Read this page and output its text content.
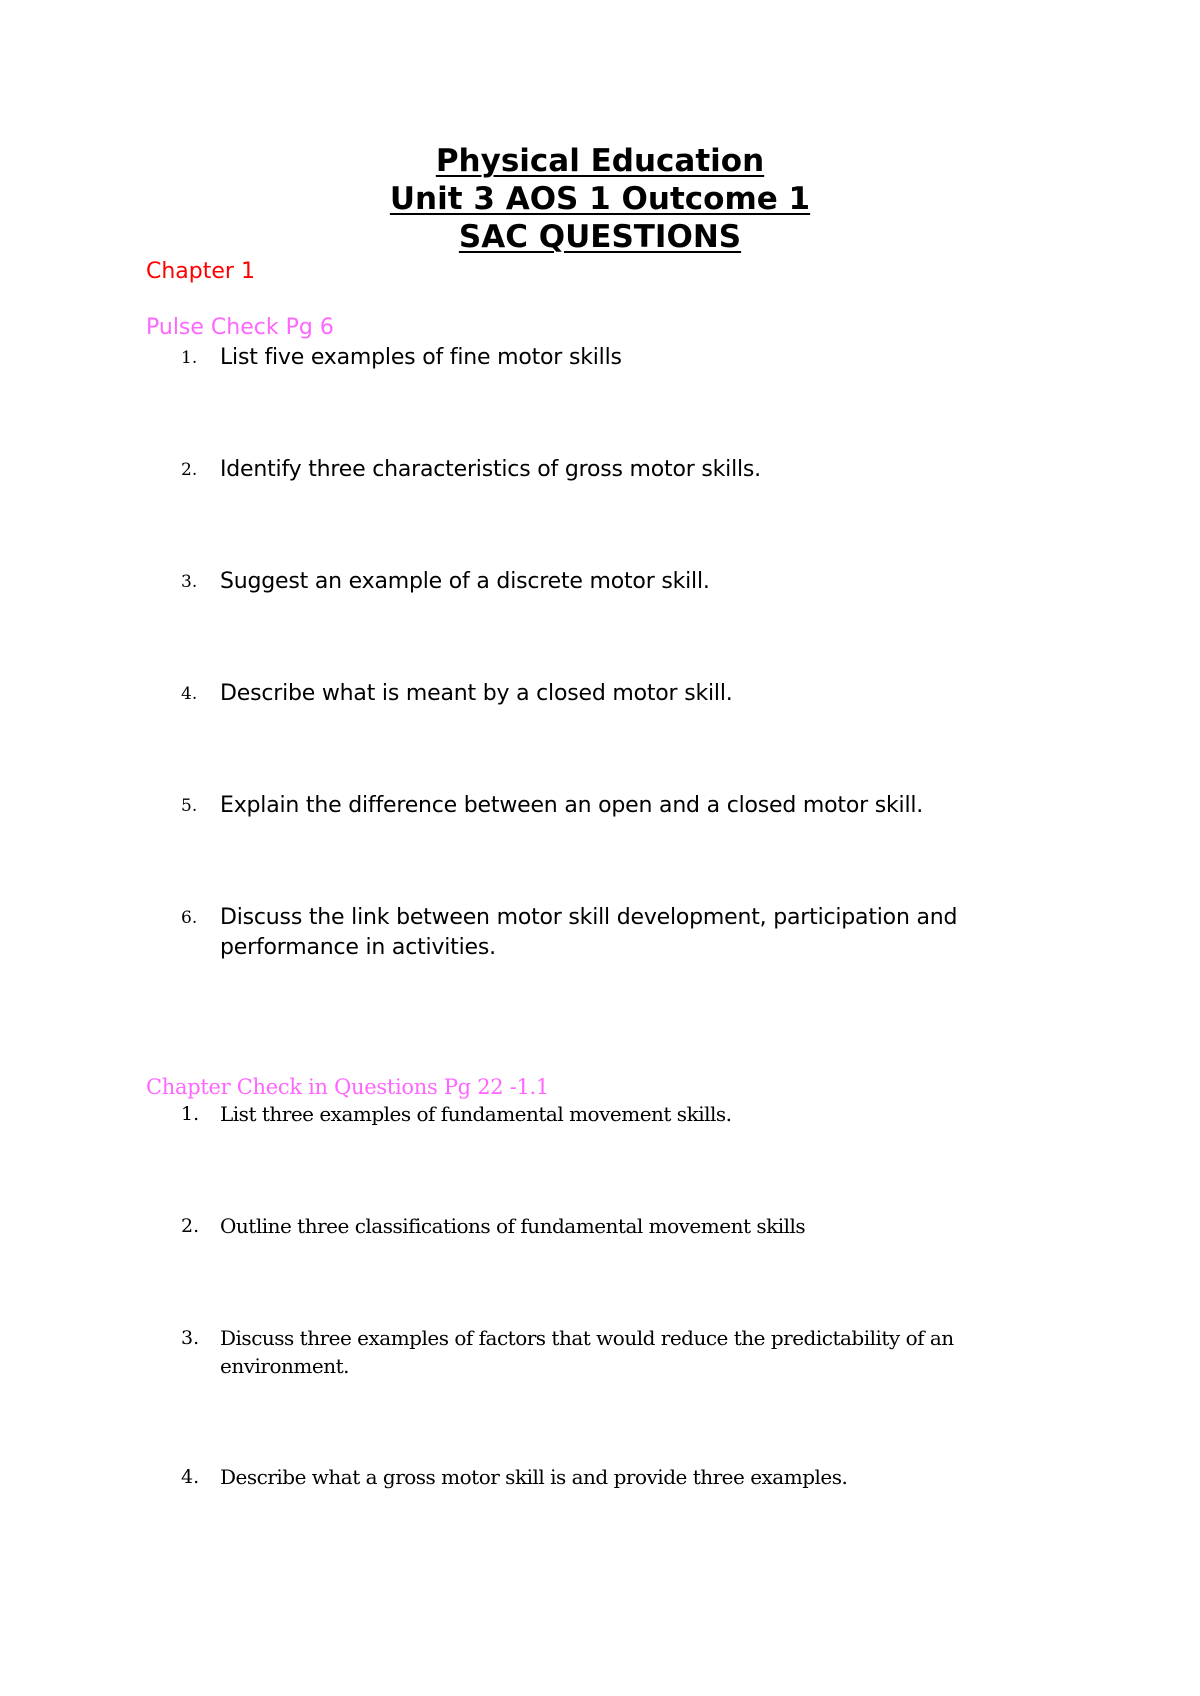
Physical Education
Unit 3 AOS 1 Outcome 1
SAC QUESTIONS
Chapter 1
Pulse Check Pg 6
1. List five examples of fine motor skills

2. Identify three characteristics of gross motor skills.

3. Suggest an example of a discrete motor skill.

4. Describe what is meant by a closed motor skill.

5. Explain the difference between an open and a closed motor skill.

6. Discuss the link between motor skill development, participation and performance in activities.

Chapter Check in Questions Pg 22 -1.1
1. List three examples of fundamental movement skills.

2. Outline three classifications of fundamental movement skills

3. Discuss three examples of factors that would reduce the predictability of an environment.

4. Describe what a gross motor skill is and provide three examples.
